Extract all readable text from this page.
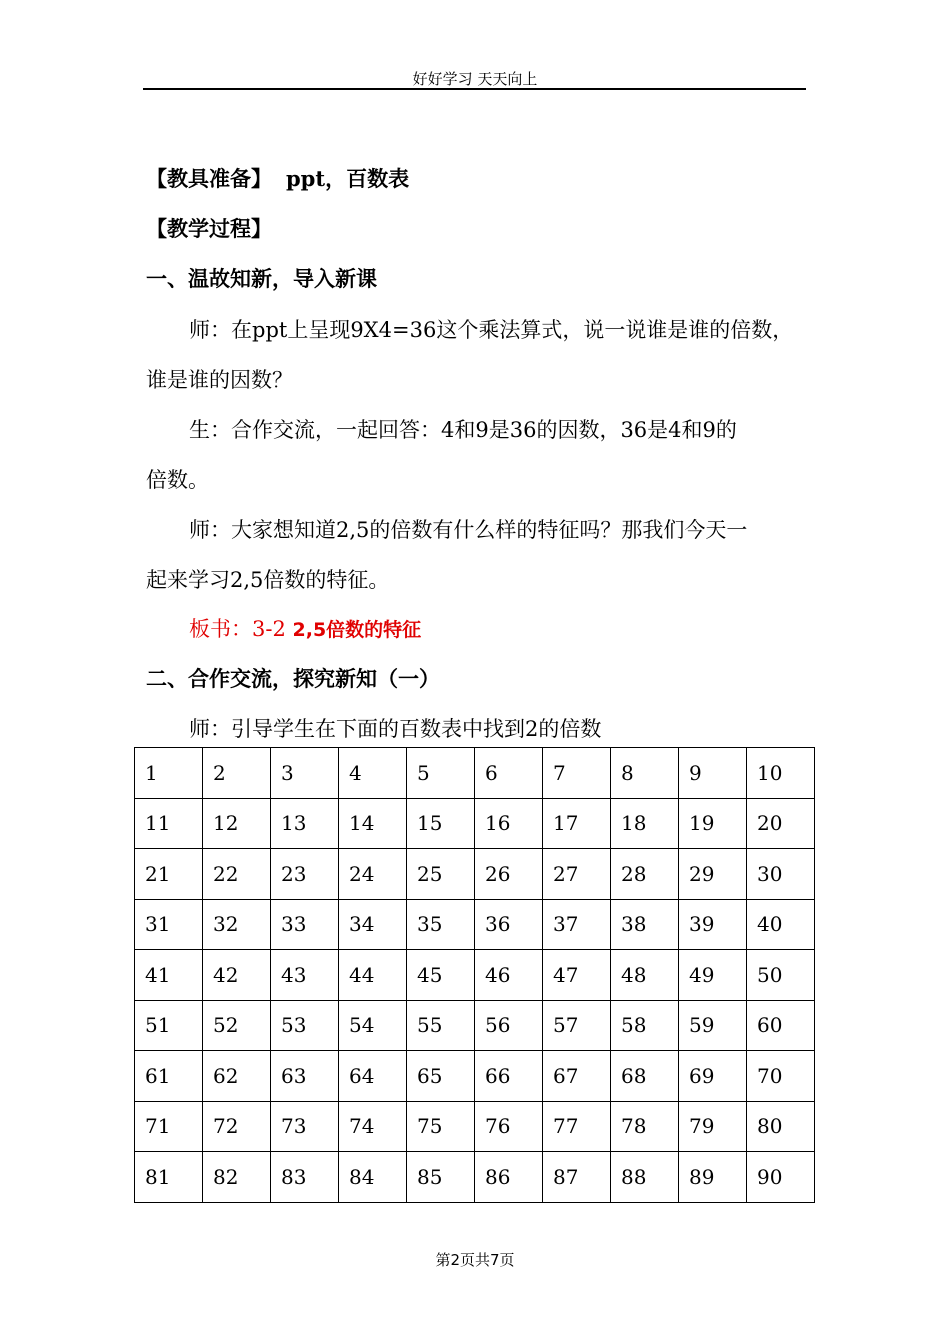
好好学习 天天向上
【教具准备】 ppt，百数表
【教学过程】
一、温故知新，导入新课
师：在ppt上呈现9X4=36这个乘法算式，说一说谁是谁的倍数，
谁是谁的因数？
生：合作交流，一起回答：4和9是36的因数，36是4和9的
倍数。
师：大家想知道2,5的倍数有什么样的特征吗？那我们今天一
起来学习2,5倍数的特征。
板书：3-2 2,5倍数的特征
二、合作交流，探究新知（一）
师：引导学生在下面的百数表中找到2的倍数
1	2	3	4	5	6	7	8	9	10
11	12	13	14	15	16	17	18	19	20
21	22	23	24	25	26	27	28	29	30
31	32	33	34	35	36	37	38	39	40
41	42	43	44	45	46	47	48	49	50
51	52	53	54	55	56	57	58	59	60
61	62	63	64	65	66	67	68	69	70
71	72	73	74	75	76	77	78	79	80
81	82	83	84	85	86	87	88	89	90
第2页共7页
